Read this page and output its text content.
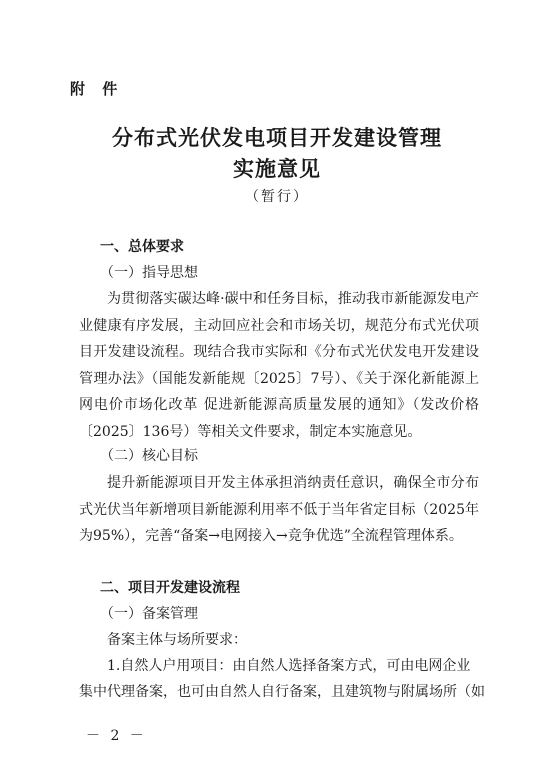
附 件
分布式光伏发电项目开发建设管理
实施意见
（暂行）
一、总体要求
（一）指导思想
为贯彻落实碳达峰·碳中和任务目标，推动我市新能源发电产业健康有序发展，主动回应社会和市场关切，规范分布式光伏项目开发建设流程。现结合我市实际和《分布式光伏发电开发建设管理办法》（国能发新能规〔2025〕7号）、《关于深化新能源上网电价市场化改革 促进新能源高质量发展的通知》（发改价格〔2025〕136号）等相关文件要求，制定本实施意见。
（二）核心目标
提升新能源项目开发主体承担消纳责任意识，确保全市分布式光伏当年新增项目新能源利用率不低于当年省定目标（2025年为95%），完善“备案→电网接入→竞争优选”全流程管理体系。
二、项目开发建设流程
（一）备案管理
备案主体与场所要求：
1.自然人户用项目：由自然人选择备案方式，可由电网企业
集中代理备案，也可由自然人自行备案，且建筑物与附属场所（如
－ 2 －
